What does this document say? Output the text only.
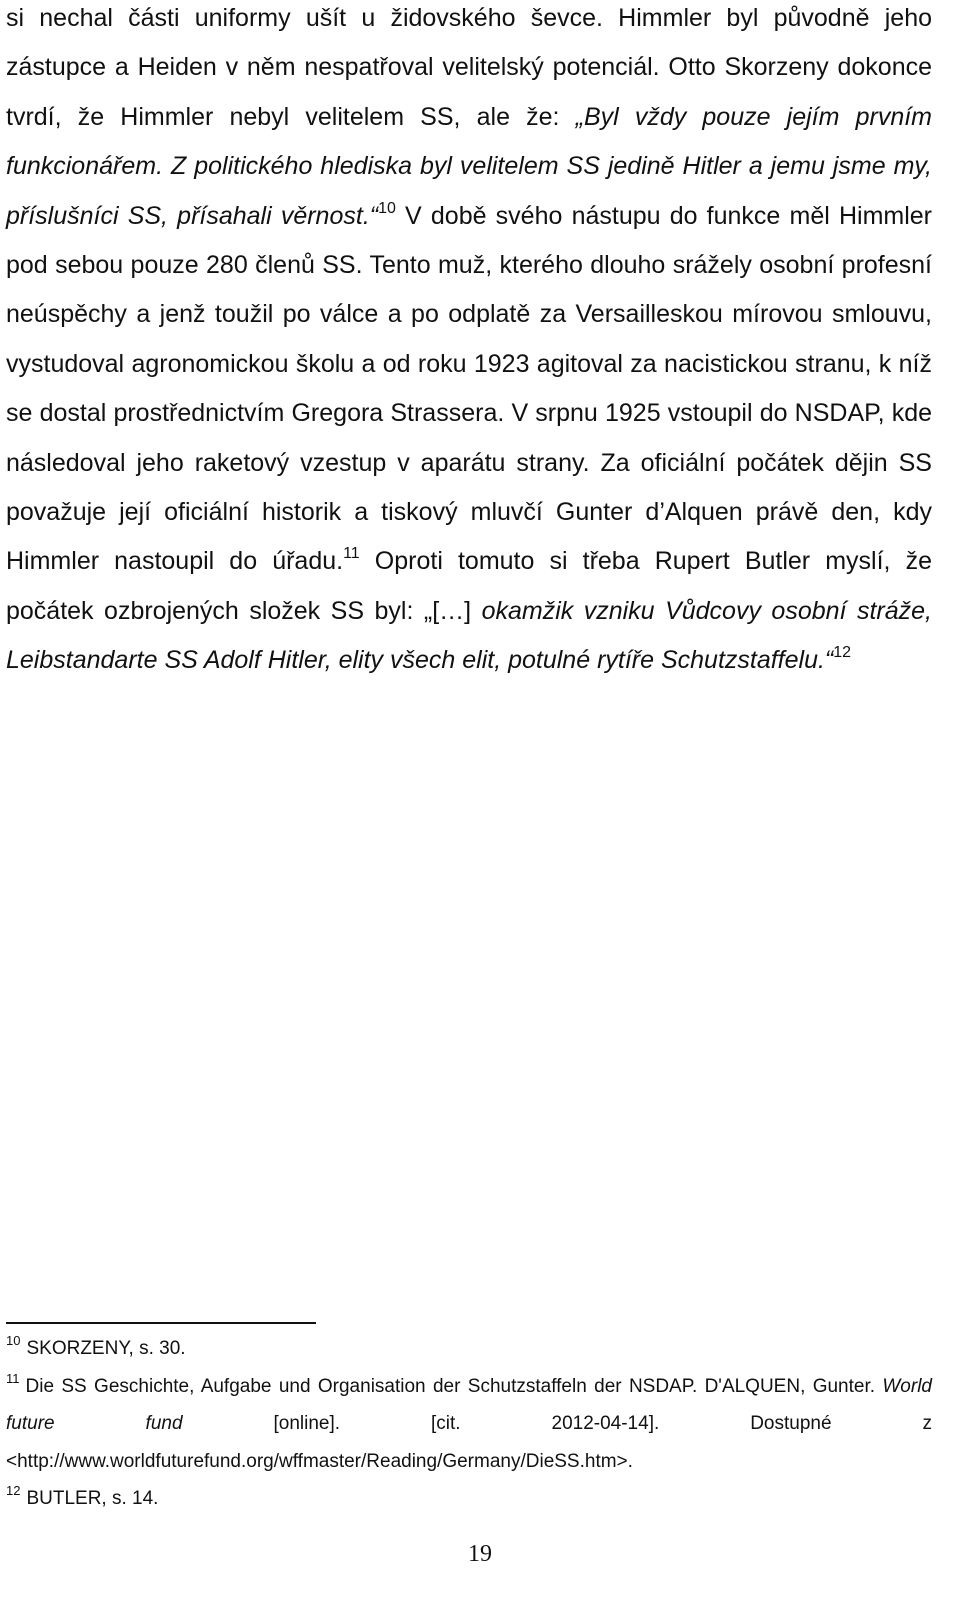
si nechal části uniformy ušít u židovského ševce. Himmler byl původně jeho zástupce a Heiden v něm nespatřoval velitelský potenciál. Otto Skorzeny dokonce tvrdí, že Himmler nebyl velitelem SS, ale že: „Byl vždy pouze jejím prvním funkcionářem. Z politického hlediska byl velitelem SS jedině Hitler a jemu jsme my, příslušníci SS, přísahali věrnost.“$^{10}$ V době svého nástupu do funkce měl Himmler pod sebou pouze 280 členů SS. Tento muž, kterého dlouho srážely osobní profesní neúspěchy a jenž toužil po válce a po odplatě za Versailleskou mírovou smlouvu, vystudoval agronomickou školu a od roku 1923 agitoval za nacistickou stranu, k níž se dostal prostřednictvím Gregora Strassera. V srpnu 1925 vstoupil do NSDAP, kde následoval jeho raketový vzestup v aparátu strany. Za oficiální počátek dějin SS považuje její oficiální historik a tiskový mluvčí Gunter d’Alquen právě den, kdy Himmler nastoupil do úřadu.$^{11}$ Oproti tomuto si třeba Rupert Butler myslí, že počátek ozbrojených složek SS byl: „[…] okamžik vzniku Vůdcovy osobní stráže, Leibstandarte SS Adolf Hitler, elity všech elit, potulné rytíře Schutzstaffelu.“$^{12}$

$^{10}$ SKORZENY, s. 30.

$^{11}$ Die SS Geschichte, Aufgabe und Organisation der Schutzstaffeln der NSDAP. D'ALQUEN, Gunter. World future fund [online]. [cit. 2012-04-14]. Dostupné z <http://www.worldfuturefund.org/wffmaster/Reading/Germany/DieSS.htm>.

$^{12}$ BUTLER, s. 14.

19
